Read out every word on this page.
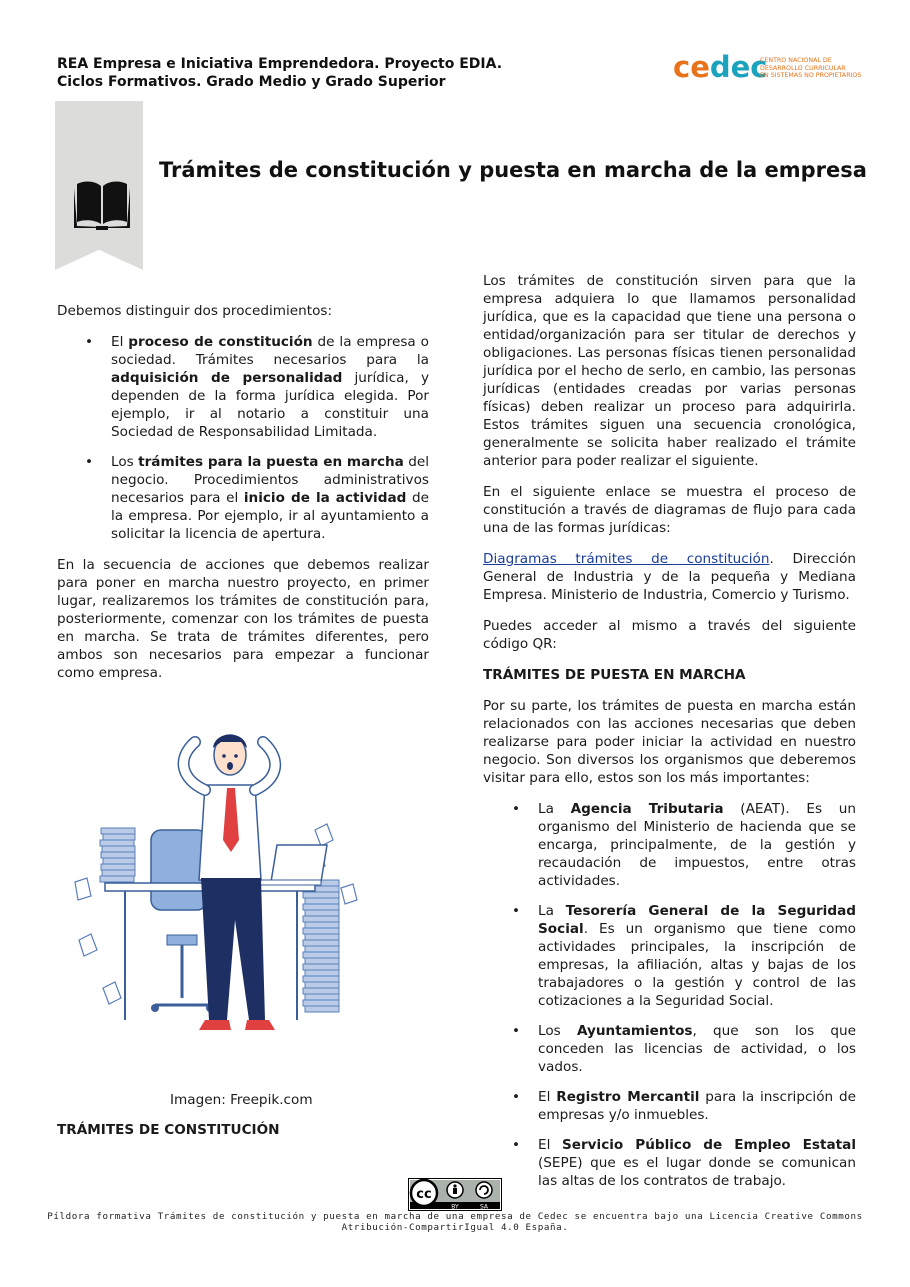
REA Empresa e Iniciativa Emprendedora. Proyecto EDIA.
Ciclos Formativos. Grado Medio y Grado Superior	cedec
CENTRO NACIONAL DE
DESARROLLO CURRICULAR
EN SISTEMAS NO PROPIETARIOS
Trámites de constitución y puesta en marcha de la empresa

Debemos distinguir dos procedimientos:

• El proceso de constitución de la empresa o sociedad. Trámites necesarios para la adquisición de personalidad jurídica, y dependen de la forma jurídica elegida. Por ejemplo, ir al notario a constituir una Sociedad de Responsabilidad Limitada.
• Los trámites para la puesta en marcha del negocio. Procedimientos administrativos necesarios para el inicio de la actividad de la empresa. Por ejemplo, ir al ayuntamiento a solicitar la licencia de apertura.

En la secuencia de acciones que debemos realizar para poner en marcha nuestro proyecto, en primer lugar, realizaremos los trámites de constitución para, posteriormente, comenzar con los trámites de puesta en marcha. Se trata de trámites diferentes, pero ambos son necesarios para empezar a funcionar como empresa.

Imagen: Freepik.com
TRÁMITES DE CONSTITUCIÓN

Los trámites de constitución sirven para que la empresa adquiera lo que llamamos personalidad jurídica, que es la capacidad que tiene una persona o entidad/organización para ser titular de derechos y obligaciones. Las personas físicas tienen personalidad jurídica por el hecho de serlo, en cambio, las personas jurídicas (entidades creadas por varias personas físicas) deben realizar un proceso para adquirirla. Estos trámites siguen una secuencia cronológica, generalmente se solicita haber realizado el trámite anterior para poder realizar el siguiente.

En el siguiente enlace se muestra el proceso de constitución a través de diagramas de flujo para cada una de las formas jurídicas:

Diagramas trámites de constitución. Dirección General de Industria y de la pequeña y Mediana Empresa. Ministerio de Industria, Comercio y Turismo.

Puedes acceder al mismo a través del siguiente código QR:

TRÁMITES DE PUESTA EN MARCHA

Por su parte, los trámites de puesta en marcha están relacionados con las acciones necesarias que deben realizarse para poder iniciar la actividad en nuestro negocio. Son diversos los organismos que deberemos visitar para ello, estos son los más importantes:

• La Agencia Tributaria (AEAT). Es un organismo del Ministerio de hacienda que se encarga, principalmente, de la gestión y recaudación de impuestos, entre otras actividades.
• La Tesorería General de la Seguridad Social. Es un organismo que tiene como actividades principales, la inscripción de empresas, la afiliación, altas y bajas de los trabajadores o la gestión y control de las cotizaciones a la Seguridad Social.
• Los Ayuntamientos, que son los que conceden las licencias de actividad, o los vados.
• El Registro Mercantil para la inscripción de empresas y/o inmuebles.
• El Servicio Público de Empleo Estatal (SEPE) que es el lugar donde se comunican las altas de los contratos de trabajo.
cc
BY	SA
Píldora formativa Trámites de constitución y puesta en marcha de una empresa de Cedec se encuentra bajo una Licencia Creative Commons
Atribución-CompartirIgual 4.0 España.
